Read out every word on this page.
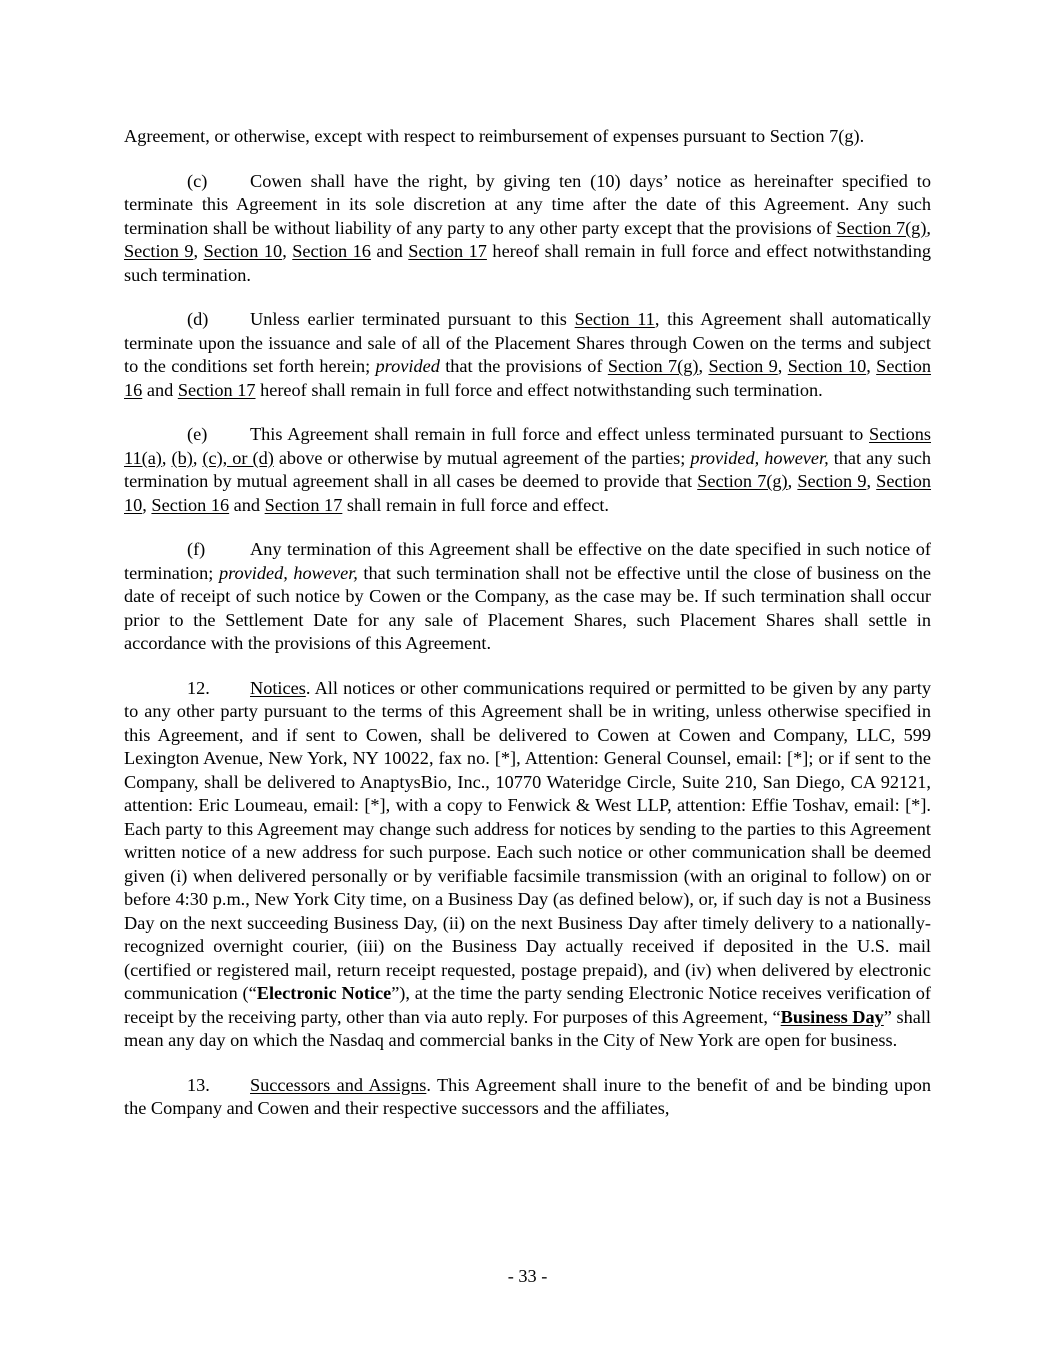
Agreement, or otherwise, except with respect to reimbursement of expenses pursuant to Section 7(g).

(c) Cowen shall have the right, by giving ten (10) days’ notice as hereinafter specified to terminate this Agreement in its sole discretion at any time after the date of this Agreement. Any such termination shall be without liability of any party to any other party except that the provisions of Section 7(g), Section 9, Section 10, Section 16 and Section 17 hereof shall remain in full force and effect notwithstanding such termination.

(d) Unless earlier terminated pursuant to this Section 11, this Agreement shall automatically terminate upon the issuance and sale of all of the Placement Shares through Cowen on the terms and subject to the conditions set forth herein; provided that the provisions of Section 7(g), Section 9, Section 10, Section 16 and Section 17 hereof shall remain in full force and effect notwithstanding such termination.

(e) This Agreement shall remain in full force and effect unless terminated pursuant to Sections 11(a), (b), (c), or (d) above or otherwise by mutual agreement of the parties; provided, however, that any such termination by mutual agreement shall in all cases be deemed to provide that Section 7(g), Section 9, Section 10, Section 16 and Section 17 shall remain in full force and effect.

(f) Any termination of this Agreement shall be effective on the date specified in such notice of termination; provided, however, that such termination shall not be effective until the close of business on the date of receipt of such notice by Cowen or the Company, as the case may be. If such termination shall occur prior to the Settlement Date for any sale of Placement Shares, such Placement Shares shall settle in accordance with the provisions of this Agreement.

12. Notices. All notices or other communications required or permitted to be given by any party to any other party pursuant to the terms of this Agreement shall be in writing, unless otherwise specified in this Agreement, and if sent to Cowen, shall be delivered to Cowen at Cowen and Company, LLC, 599 Lexington Avenue, New York, NY 10022, fax no. [*], Attention: General Counsel, email: [*]; or if sent to the Company, shall be delivered to AnaptysBio, Inc., 10770 Wateridge Circle, Suite 210, San Diego, CA 92121, attention: Eric Loumeau, email: [*], with a copy to Fenwick & West LLP, attention: Effie Toshav, email: [*]. Each party to this Agreement may change such address for notices by sending to the parties to this Agreement written notice of a new address for such purpose. Each such notice or other communication shall be deemed given (i) when delivered personally or by verifiable facsimile transmission (with an original to follow) on or before 4:30 p.m., New York City time, on a Business Day (as defined below), or, if such day is not a Business Day on the next succeeding Business Day, (ii) on the next Business Day after timely delivery to a nationally-recognized overnight courier, (iii) on the Business Day actually received if deposited in the U.S. mail (certified or registered mail, return receipt requested, postage prepaid), and (iv) when delivered by electronic communication (“Electronic Notice”), at the time the party sending Electronic Notice receives verification of receipt by the receiving party, other than via auto reply. For purposes of this Agreement, “Business Day” shall mean any day on which the Nasdaq and commercial banks in the City of New York are open for business.

13. Successors and Assigns. This Agreement shall inure to the benefit of and be binding upon the Company and Cowen and their respective successors and the affiliates,

- 33 -
